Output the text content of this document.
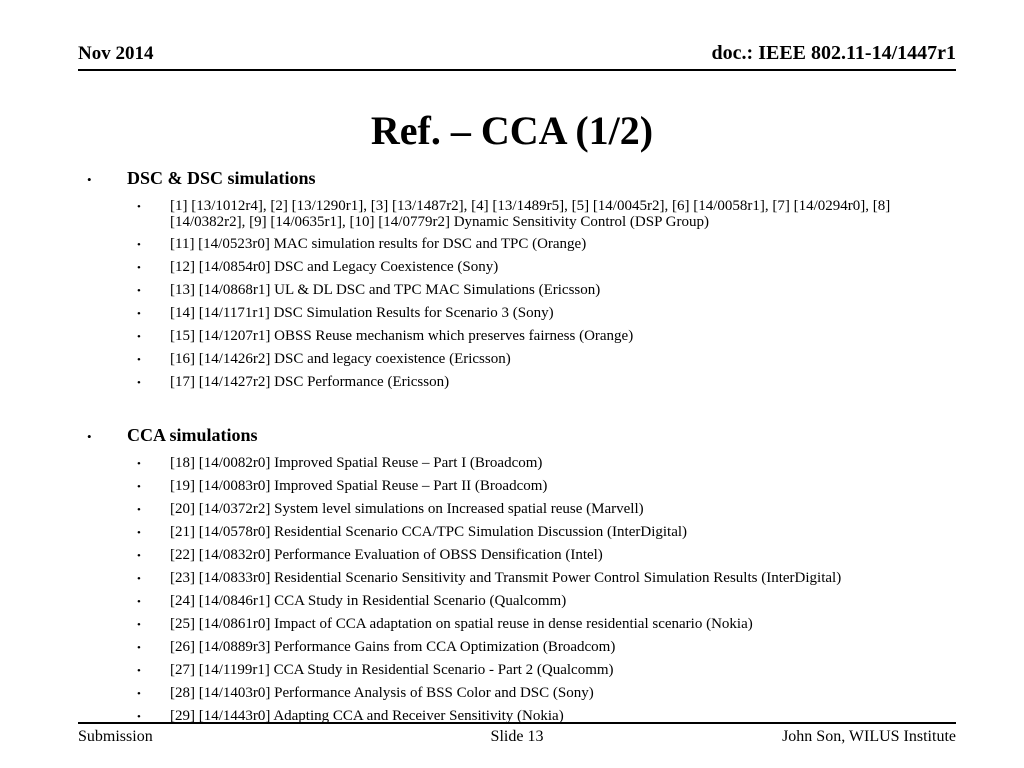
Nov 2014	doc.: IEEE 802.11-14/1447r1
Ref. – CCA (1/2)
•	DSC & DSC simulations
•	[1] [13/1012r4], [2] [13/1290r1], [3] [13/1487r2], [4] [13/1489r5], [5] [14/0045r2], [6] [14/0058r1], [7] [14/0294r0], [8] [14/0382r2], [9] [14/0635r1], [10] [14/0779r2] Dynamic Sensitivity Control (DSP Group)
•	[11] [14/0523r0] MAC simulation results for DSC and TPC (Orange)
•	[12] [14/0854r0] DSC and Legacy Coexistence (Sony)
•	[13] [14/0868r1] UL & DL DSC and TPC MAC Simulations (Ericsson)
•	[14] [14/1171r1] DSC Simulation Results for Scenario 3 (Sony)
•	[15] [14/1207r1] OBSS Reuse mechanism which preserves fairness (Orange)
•	[16] [14/1426r2] DSC and legacy coexistence (Ericsson)
•	[17] [14/1427r2] DSC Performance (Ericsson)
•	CCA simulations
•	[18] [14/0082r0] Improved Spatial Reuse – Part I (Broadcom)
•	[19] [14/0083r0] Improved Spatial Reuse – Part II (Broadcom)
•	[20] [14/0372r2] System level simulations on Increased spatial reuse (Marvell)
•	[21] [14/0578r0] Residential Scenario CCA/TPC Simulation Discussion (InterDigital)
•	[22] [14/0832r0] Performance Evaluation of OBSS Densification (Intel)
•	[23] [14/0833r0] Residential Scenario Sensitivity and Transmit Power Control Simulation Results (InterDigital)
•	[24] [14/0846r1] CCA Study in Residential Scenario (Qualcomm)
•	[25] [14/0861r0] Impact of CCA adaptation on spatial reuse in dense residential scenario (Nokia)
•	[26] [14/0889r3] Performance Gains from CCA Optimization (Broadcom)
•	[27] [14/1199r1] CCA Study in Residential Scenario - Part 2 (Qualcomm)
•	[28] [14/1403r0] Performance Analysis of BSS Color and DSC (Sony)
•	[29] [14/1443r0] Adapting CCA and Receiver Sensitivity (Nokia)
Submission	Slide 13	John Son, WILUS Institute
